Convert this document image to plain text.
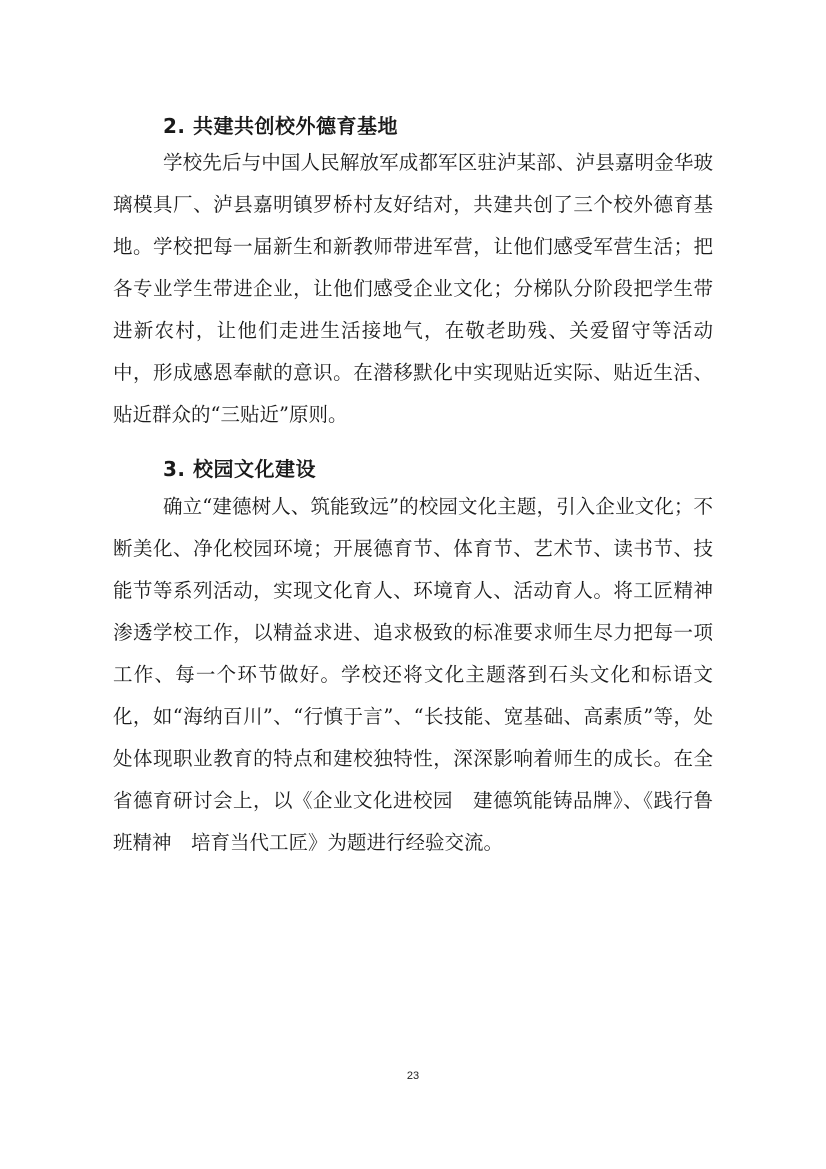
2. 共建共创校外德育基地

学校先后与中国人民解放军成都军区驻泸某部、泸县嘉明金华玻璃模具厂、泸县嘉明镇罗桥村友好结对，共建共创了三个校外德育基地。学校把每一届新生和新教师带进军营，让他们感受军营生活；把各专业学生带进企业，让他们感受企业文化；分梯队分阶段把学生带进新农村，让他们走进生活接地气，在敬老助残、关爱留守等活动中，形成感恩奉献的意识。在潜移默化中实现贴近实际、贴近生活、贴近群众的“三贴近”原则。

3. 校园文化建设

确立“建德树人、筑能致远”的校园文化主题，引入企业文化；不断美化、净化校园环境；开展德育节、体育节、艺术节、读书节、技能节等系列活动，实现文化育人、环境育人、活动育人。将工匠精神渗透学校工作，以精益求进、追求极致的标准要求师生尽力把每一项工作、每一个环节做好。学校还将文化主题落到石头文化和标语文化，如“海纳百川”、“行慎于言”、“长技能、宽基础、高素质”等，处处体现职业教育的特点和建校独特性，深深影响着师生的成长。在全省德育研讨会上，以《企业文化进校园　建德筑能铸品牌》、《践行鲁班精神　培育当代工匠》为题进行经验交流。

23
